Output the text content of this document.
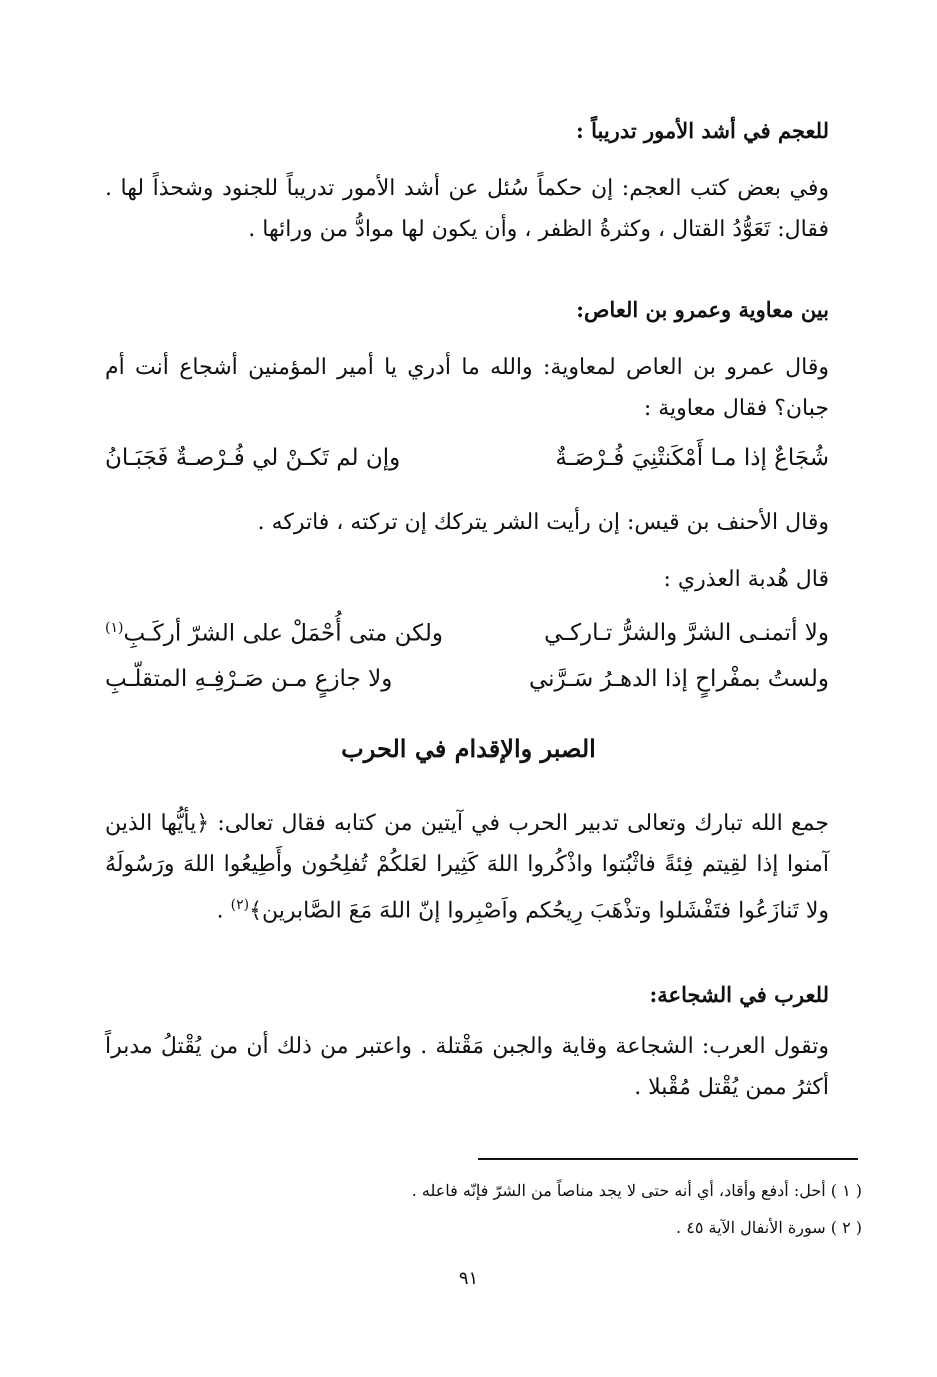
للعجم في أشد الأمور تدريباً :
وفي بعض كتب العجم: إن حكماً سُئل عن أشد الأمور تدريباً للجنود وشحذاً لها . فقال: تَعَوُّدُ القتال ، وكثرةُ الظفر ، وأن يكون لها موادُّ من ورائها .
بين معاوية وعمرو بن العاص:
وقال عمرو بن العاص لمعاوية: والله ما أدري يا أمير المؤمنين أشجاع أنت أم جبان؟ فقال معاوية :
شُجَاعٌ إذا مـا أَمْكَنتْنِيَ فُـرْصَـةٌ
وإن لم تَكـنْ لي فُـرْصـةٌ فَجَبَـانُ
وقال الأحنف بن قيس: إن رأيت الشر يتركك إن تركته ، فاتركه .
قال هُدبة العذري :
ولا أتمنـى الشرَّ والشرُّ تـاركـي
ولكن متى أُحْمَلْ على الشرّ أركَـبِ$^{(١)}$
ولستُ بمفْراحٍ إذا الدهـرُ سَـرَّني
ولا جازعٍ مـن صَـرْفِـهِ المتقلّـبِ
الصبر والإقدام في الحرب
جمع الله تبارك وتعالى تدبير الحرب في آيتين من كتابه فقال تعالى: ﴿يأيُّها الذين آمنوا إذا لقِيتم فِئةً فاثْبُتوا واذْكُروا اللهَ كَثِيرا لعَلكُمْ تُفلِحُون وأَطِيعُوا اللهَ ورَسُولَهُ ولا تَنازَعُوا فتَفْشَلوا وتذْهَبَ رِيحُكم واَصْبِروا إنّ اللهَ مَعَ الصَّابرين﴾$^{(٢)}$ .
للعرب في الشجاعة:
وتقول العرب: الشجاعة وقاية والجبن مَقْتلة . واعتبر من ذلك أن من يُقْتلُ مدبراً أكثرُ ممن يُقْتل مُقْبلا .
( ١ ) أحل: أدفع وأقاد، أي أنه حتى لا يجد مناصاً من الشرّ فإنّه فاعله .
( ٢ ) سورة الأنفال الآية ٤٥ .
٩١
